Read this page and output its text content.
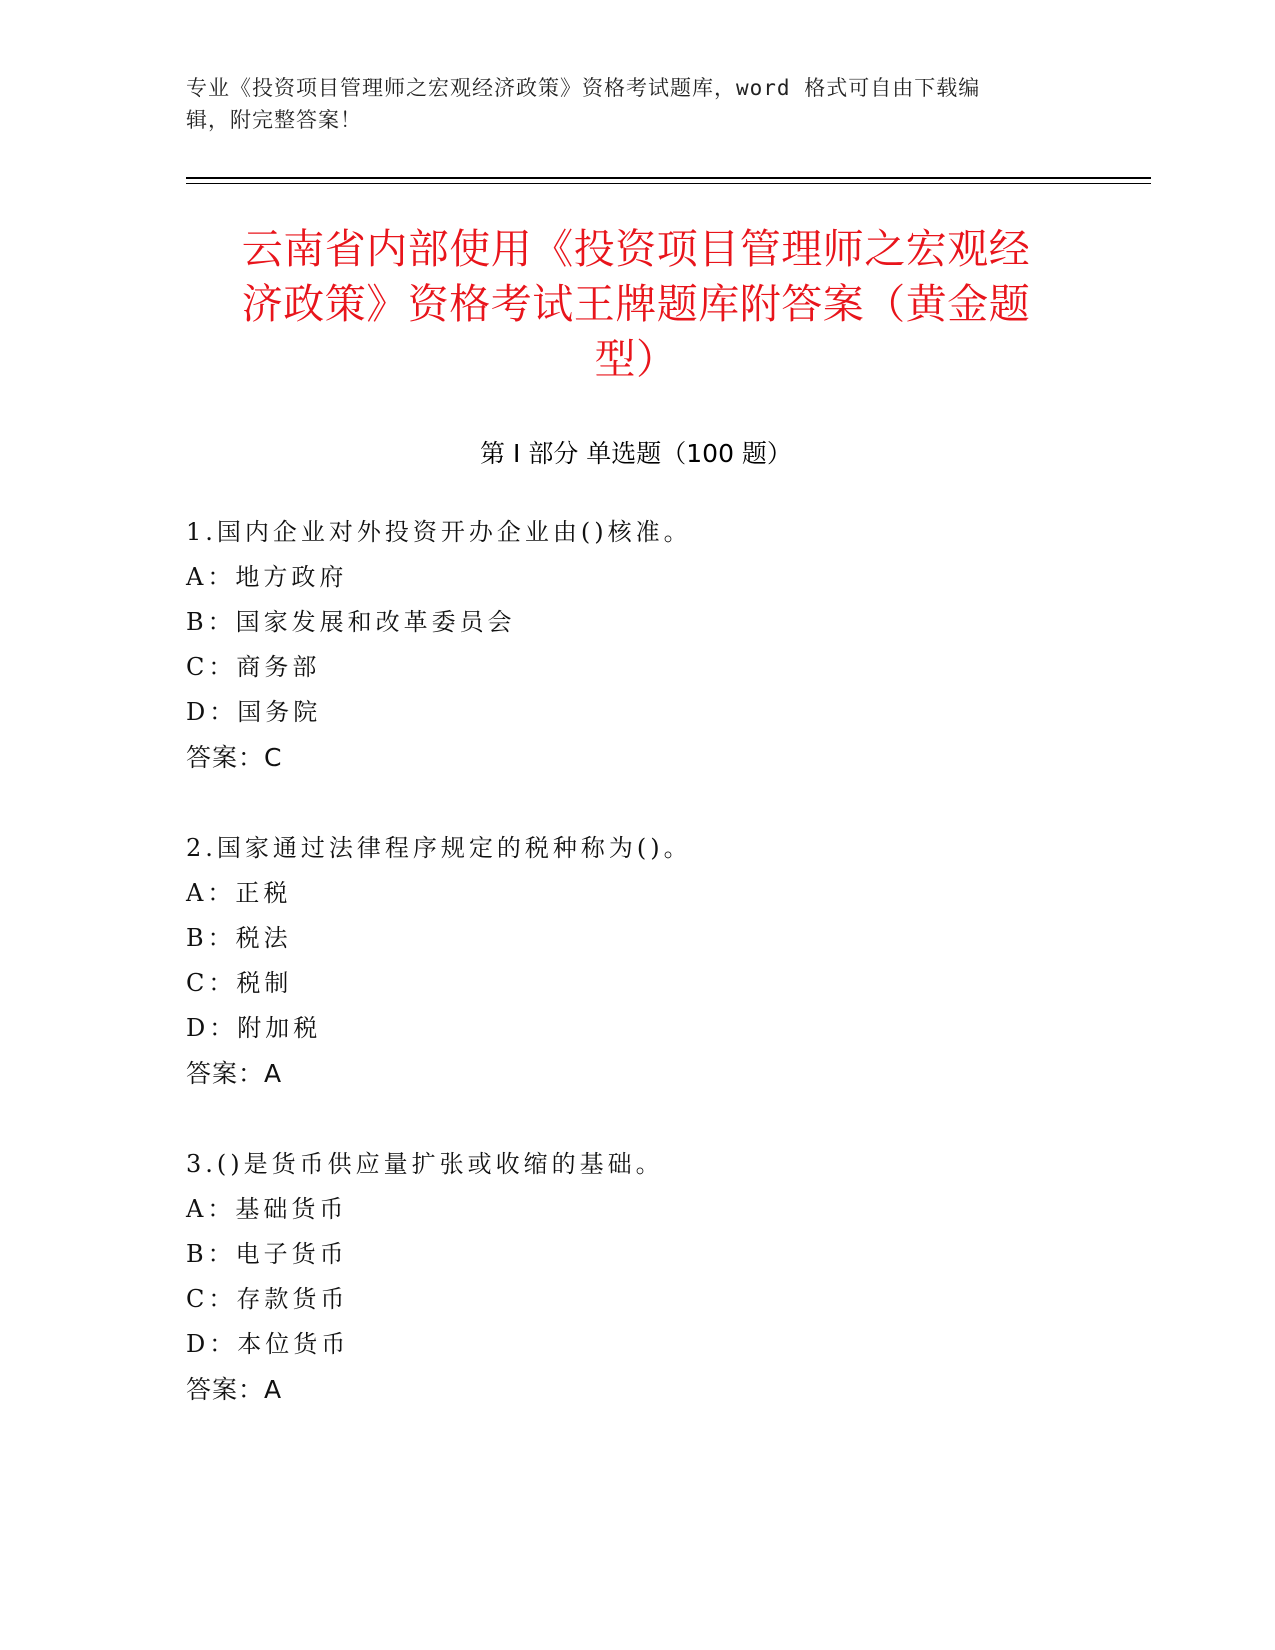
专业《投资项目管理师之宏观经济政策》资格考试题库，word 格式可自由下载编
辑，附完整答案！
云南省内部使用《投资项目管理师之宏观经
济政策》资格考试王牌题库附答案（黄金题
型）
第 I 部分 单选题（100 题）
1.国内企业对外投资开办企业由()核准。
A：地方政府
B：国家发展和改革委员会
C：商务部
D：国务院
答案：C
2.国家通过法律程序规定的税种称为()。
A：正税
B：税法
C：税制
D：附加税
答案：A
3.()是货币供应量扩张或收缩的基础。
A：基础货币
B：电子货币
C：存款货币
D：本位货币
答案：A
